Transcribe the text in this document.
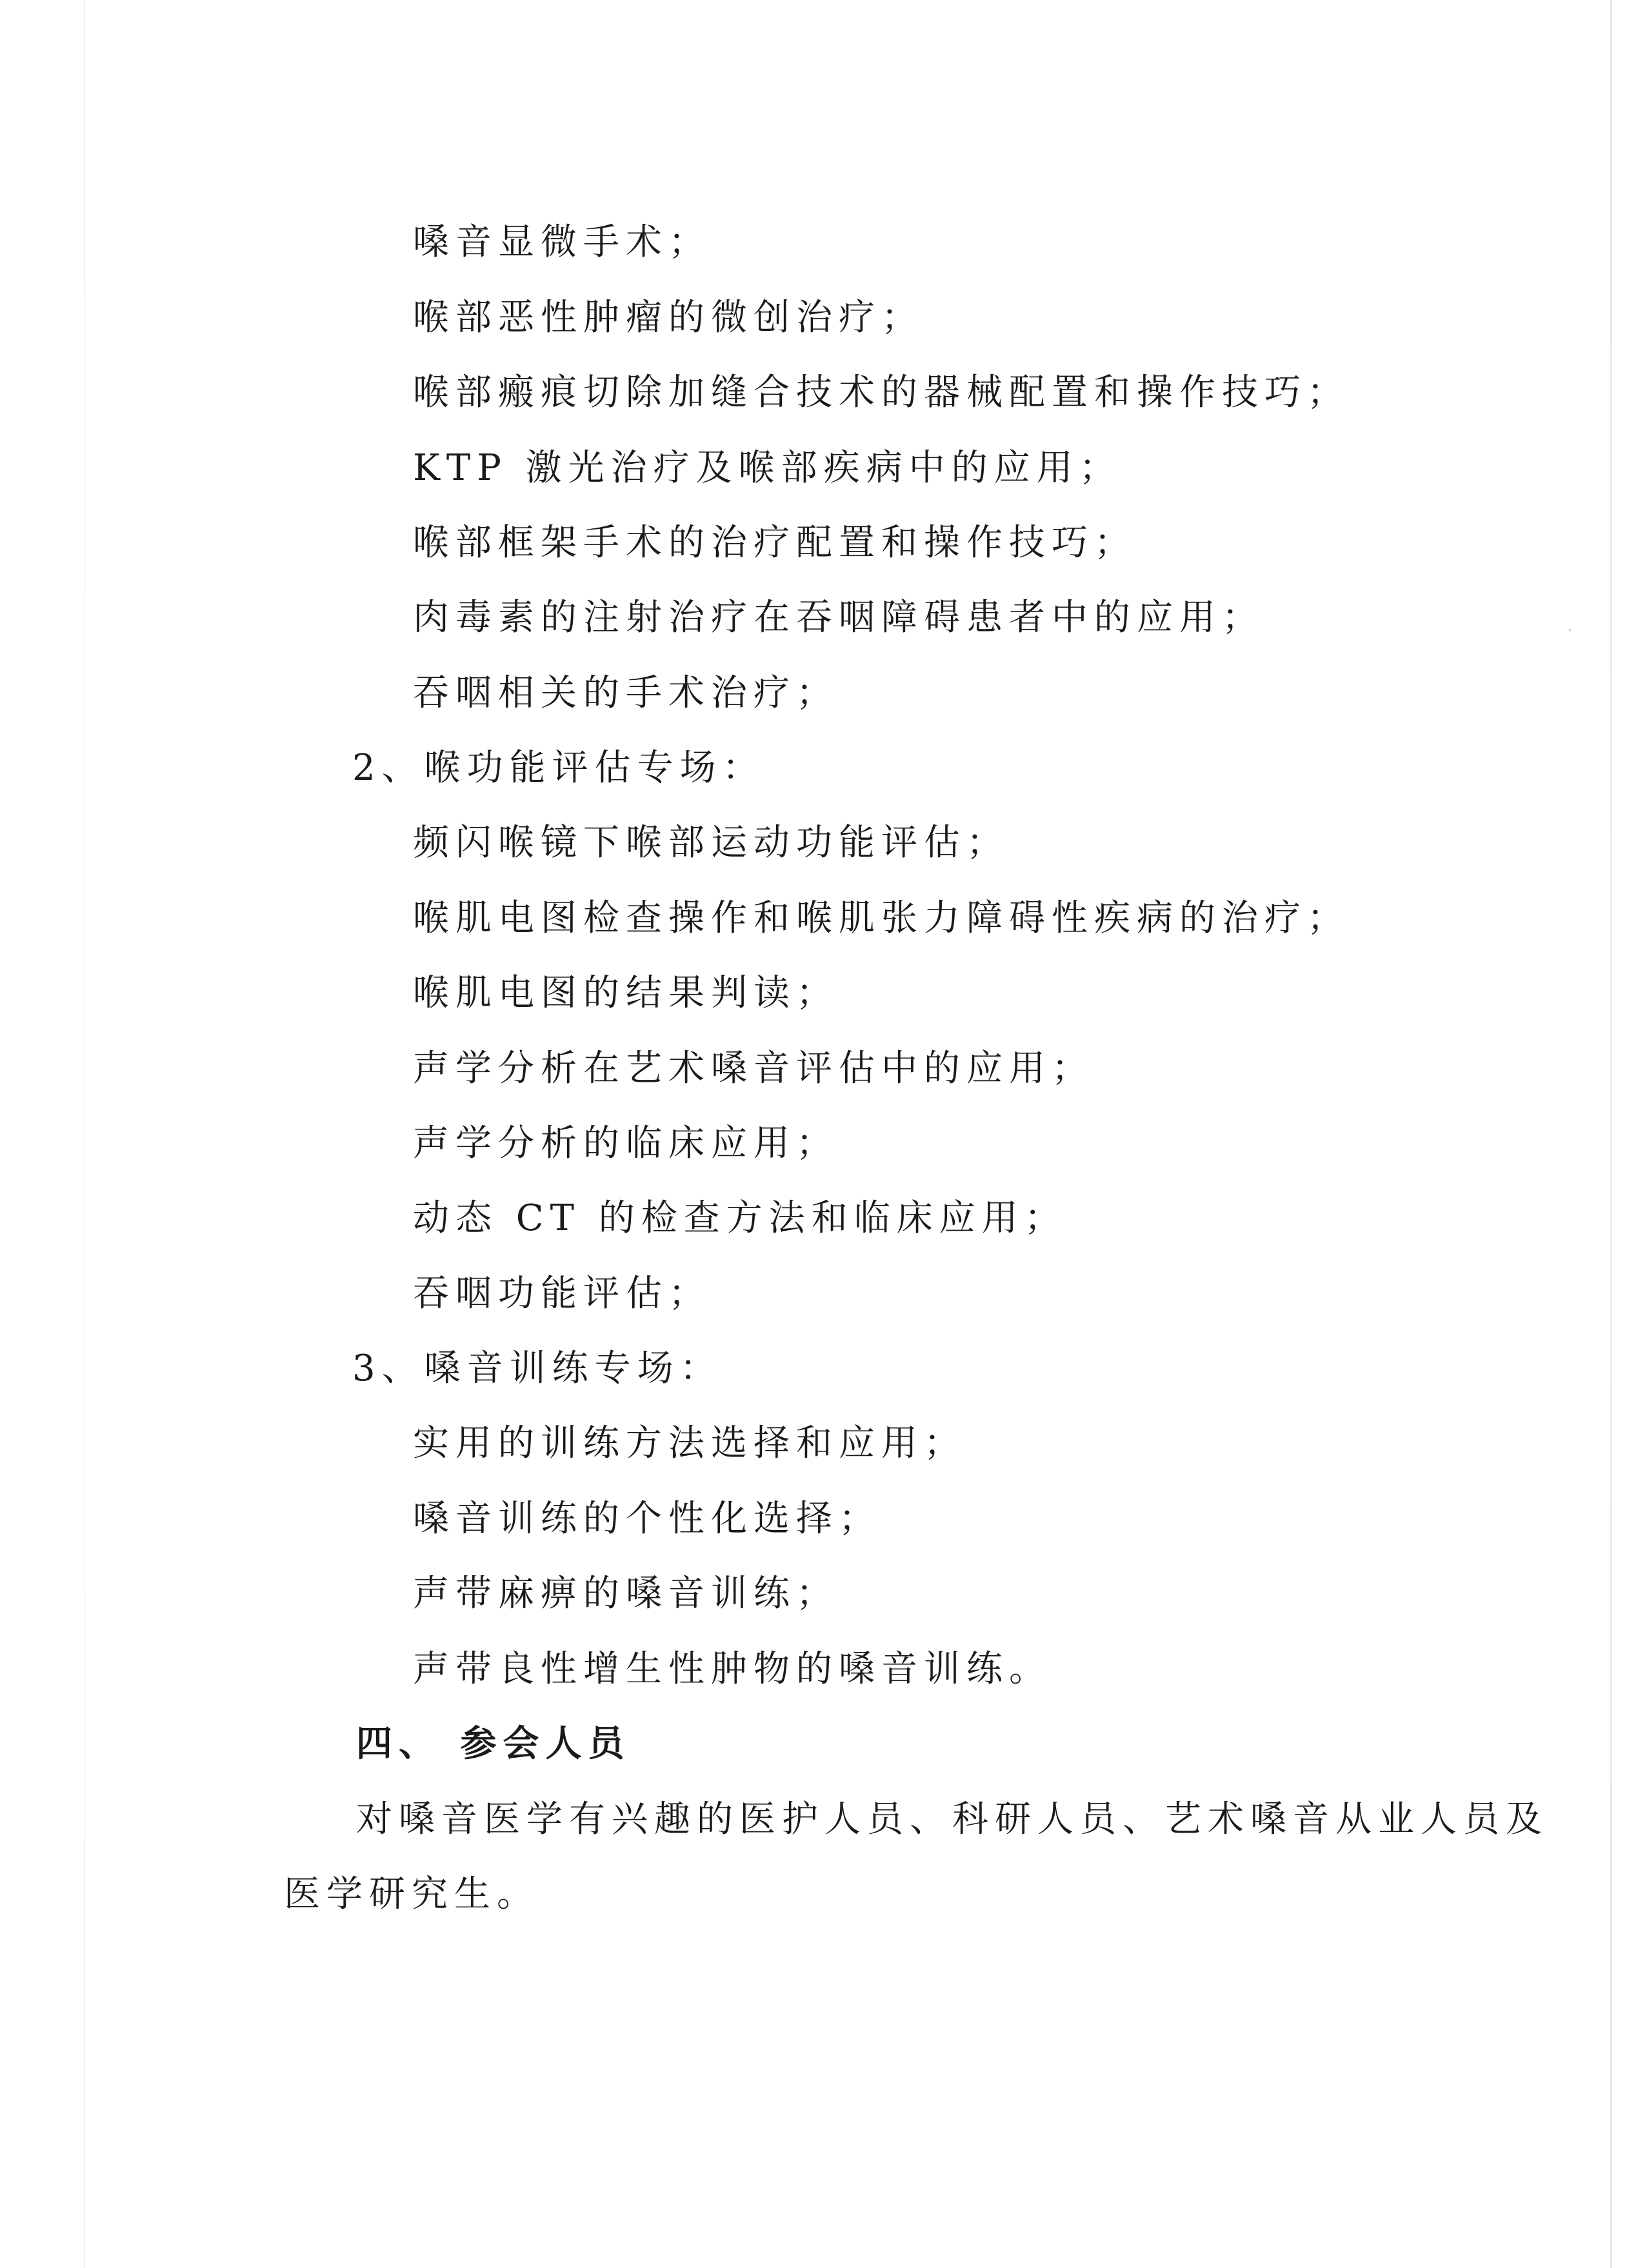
嗓音显微手术；
喉部恶性肿瘤的微创治疗；
喉部瘢痕切除加缝合技术的器械配置和操作技巧；
KTP 激光治疗及喉部疾病中的应用；
喉部框架手术的治疗配置和操作技巧；
肉毒素的注射治疗在吞咽障碍患者中的应用；
吞咽相关的手术治疗；
2、喉功能评估专场：
频闪喉镜下喉部运动功能评估；
喉肌电图检查操作和喉肌张力障碍性疾病的治疗；
喉肌电图的结果判读；
声学分析在艺术嗓音评估中的应用；
声学分析的临床应用；
动态 CT 的检查方法和临床应用；
吞咽功能评估；
3、嗓音训练专场：
实用的训练方法选择和应用；
嗓音训练的个性化选择；
声带麻痹的嗓音训练；
声带良性增生性肿物的嗓音训练。
四、 参会人员
对嗓音医学有兴趣的医护人员、科研人员、艺术嗓音从业人员及
医学研究生。
